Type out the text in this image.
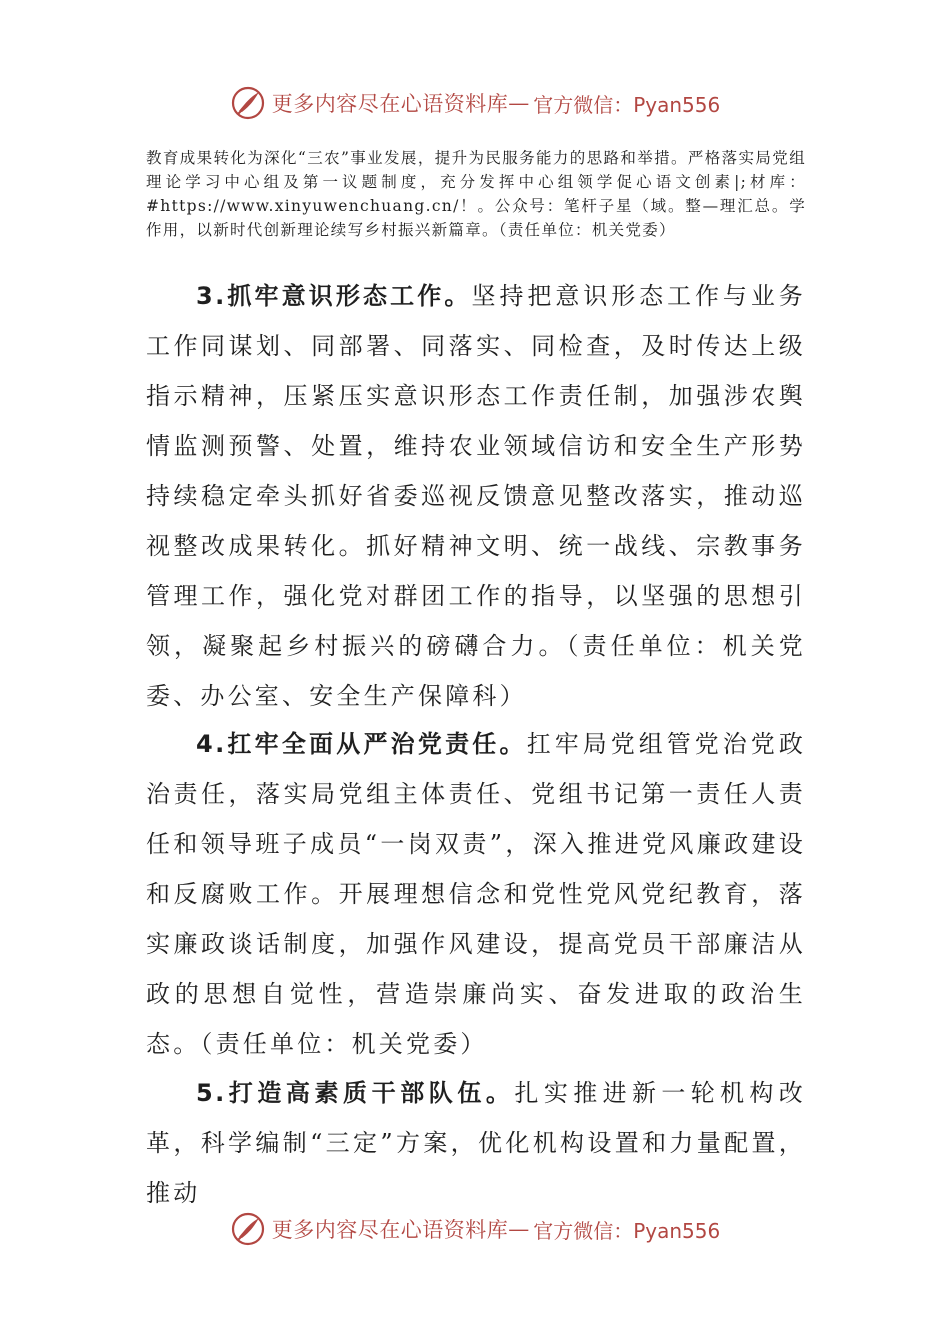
更多内容尽在心语资料库 — 官方微信：Pyan556

教育成果转化为深化“三农”事业发展，提升为民服务能力的思路和举措。严格落实局党组理论学习中心组及第一议题制度，充分发挥中心组领学促心语文创素|;材库：#https://www.xinyuwenchuang.cn/！。公众号：笔杆子星（域。整—理汇总。学作用，以新时代创新理论续写乡村振兴新篇章。（责任单位：机关党委）

3.抓牢意识形态工作。坚持把意识形态工作与业务工作同谋划、同部署、同落实、同检查，及时传达上级指示精神，压紧压实意识形态工作责任制，加强涉农舆情监测预警、处置，维持农业领域信访和安全生产形势持续稳定牵头抓好省委巡视反馈意见整改落实，推动巡视整改成果转化。抓好精神文明、统一战线、宗教事务管理工作，强化党对群团工作的指导，以坚强的思想引领，凝聚起乡村振兴的磅礴合力。（责任单位：机关党委、办公室、安全生产保障科）

4.扛牢全面从严治党责任。扛牢局党组管党治党政治责任，落实局党组主体责任、党组书记第一责任人责任和领导班子成员“一岗双责”，深入推进党风廉政建设和反腐败工作。开展理想信念和党性党风党纪教育，落实廉政谈话制度，加强作风建设，提高党员干部廉洁从政的思想自觉性，营造崇廉尚实、奋发进取的政治生态。（责任单位：机关党委）

5.打造高素质干部队伍。扎实推进新一轮机构改革，科学编制“三定”方案，优化机构设置和力量配置，推动

更多内容尽在心语资料库 — 官方微信：Pyan556
